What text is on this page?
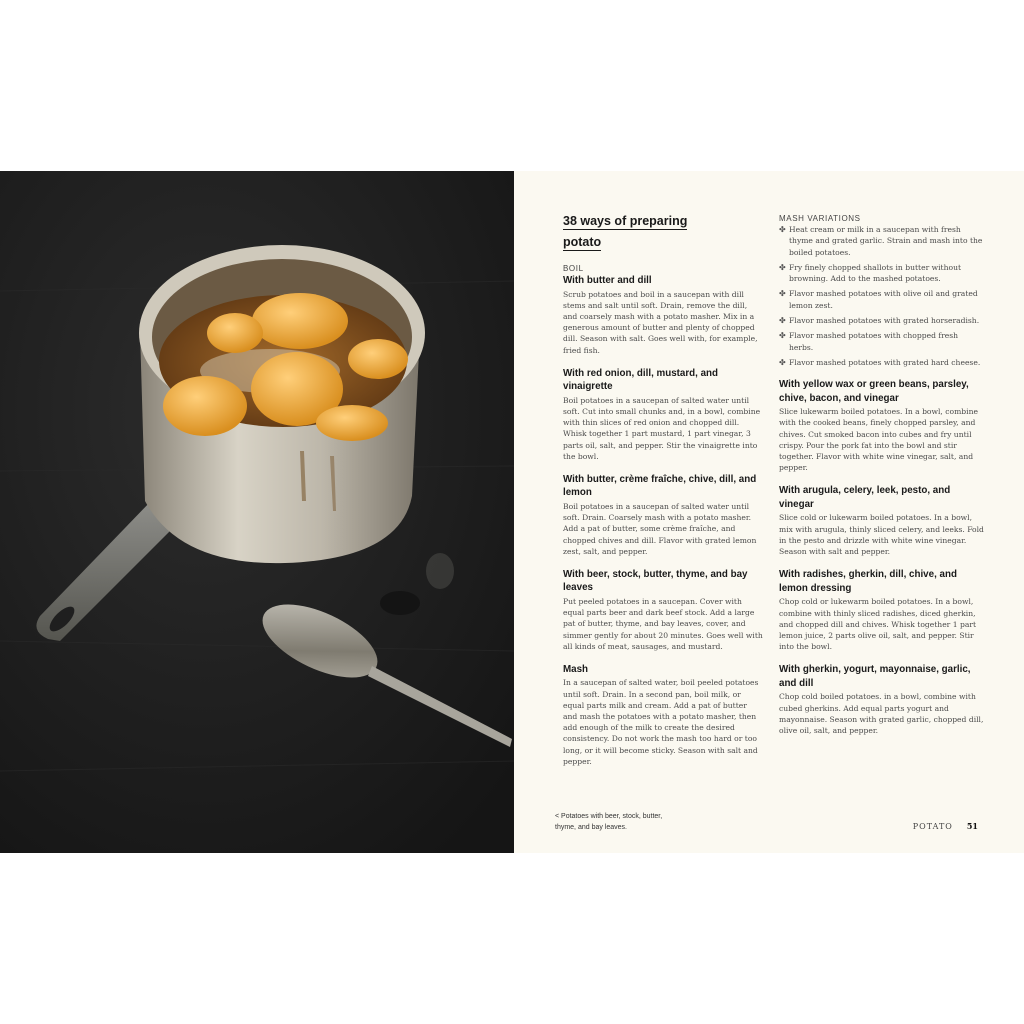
38 ways of preparing
potato

BOIL

With butter and dill

Scrub potatoes and boil in a saucepan with dill stems and salt until soft. Drain, remove the dill, and coarsely mash with a potato masher. Mix in a generous amount of butter and plenty of chopped dill. Season with salt. Goes well with, for example, fried fish.

With red onion, dill, mustard, and vinaigrette

Boil potatoes in a saucepan of salted water until soft. Cut into small chunks and, in a bowl, combine with thin slices of red onion and chopped dill. Whisk together 1 part mustard, 1 part vinegar, 3 parts oil, salt, and pepper. Stir the vinaigrette into the bowl.

With butter, crème fraîche, chive, dill, and lemon

Boil potatoes in a saucepan of salted water until soft. Drain. Coarsely mash with a potato masher. Add a pat of butter, some crème fraîche, and chopped chives and dill. Flavor with grated lemon zest, salt, and pepper.

With beer, stock, butter, thyme, and bay leaves

Put peeled potatoes in a saucepan. Cover with equal parts beer and dark beef stock. Add a large pat of butter, thyme, and bay leaves, cover, and simmer gently for about 20 minutes. Goes well with all kinds of meat, sausages, and mustard.

Mash

In a saucepan of salted water, boil peeled potatoes until soft. Drain. In a second pan, boil milk, or equal parts milk and cream. Add a pat of butter and mash the potatoes with a potato masher, then add enough of the milk to create the desired consistency. Do not work the mash too hard or too long, or it will become sticky. Season with salt and pepper.

MASH VARIATIONS

✤ Heat cream or milk in a saucepan with fresh thyme and grated garlic. Strain and mash into the boiled potatoes.
✤ Fry finely chopped shallots in butter without browning. Add to the mashed potatoes.
✤ Flavor mashed potatoes with olive oil and grated lemon zest.
✤ Flavor mashed potatoes with grated horseradish.
✤ Flavor mashed potatoes with chopped fresh herbs.
✤ Flavor mashed potatoes with grated hard cheese.
With yellow wax or green beans, parsley, chive, bacon, and vinegar

Slice lukewarm boiled potatoes. In a bowl, combine with the cooked beans, finely chopped parsley, and chives. Cut smoked bacon into cubes and fry until crispy. Pour the pork fat into the bowl and stir together. Flavor with white wine vinegar, salt, and pepper.

With arugula, celery, leek, pesto, and vinegar

Slice cold or lukewarm boiled potatoes. In a bowl, mix with arugula, thinly sliced celery, and leeks. Fold in the pesto and drizzle with white wine vinegar. Season with salt and pepper.

With radishes, gherkin, dill, chive, and lemon dressing

Chop cold or lukewarm boiled potatoes. In a bowl, combine with thinly sliced radishes, diced gherkin, and chopped dill and chives. Whisk together 1 part lemon juice, 2 parts olive oil, salt, and pepper. Stir into the bowl.

With gherkin, yogurt, mayonnaise, garlic, and dill

Chop cold boiled potatoes. in a bowl, combine with cubed gherkins. Add equal parts yogurt and mayonnaise. Season with grated garlic, chopped dill, olive oil, salt, and pepper.

< Potatoes with beer, stock, butter, thyme, and bay leaves.	POTATO 51
